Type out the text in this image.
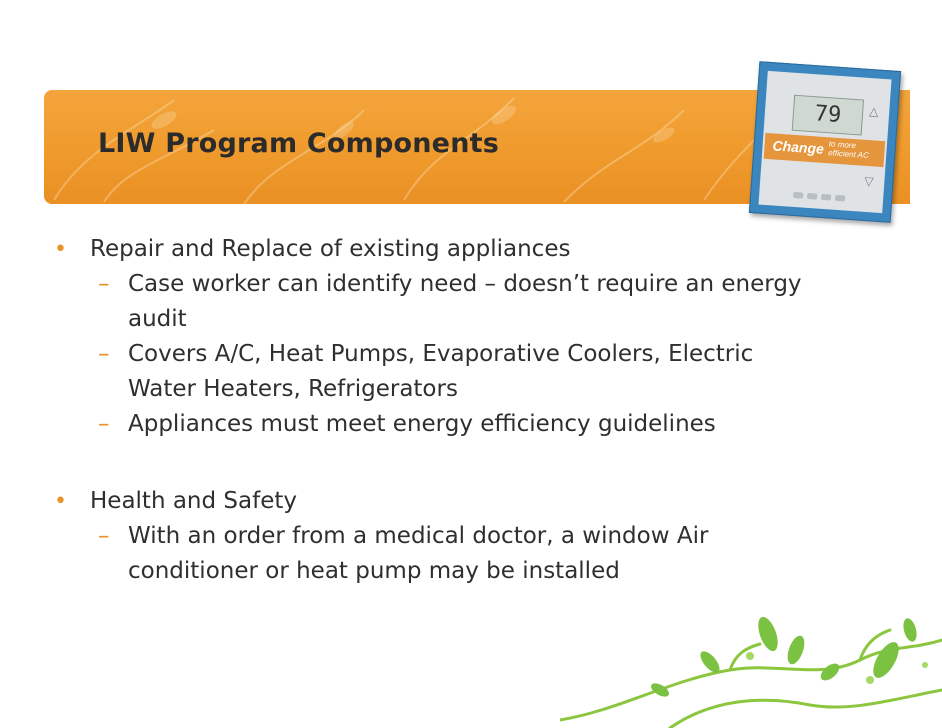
LIW Program Components
79	△
▽
Change to more
efficient AC
• Repair and Replace of existing appliances
– Case worker can identify need – doesn’t require an energy
audit
– Covers A/C, Heat Pumps, Evaporative Coolers, Electric
Water Heaters, Refrigerators
– Appliances must meet energy efficiency guidelines
• Health and Safety
– With an order from a medical doctor, a window Air
conditioner or heat pump may be installed
